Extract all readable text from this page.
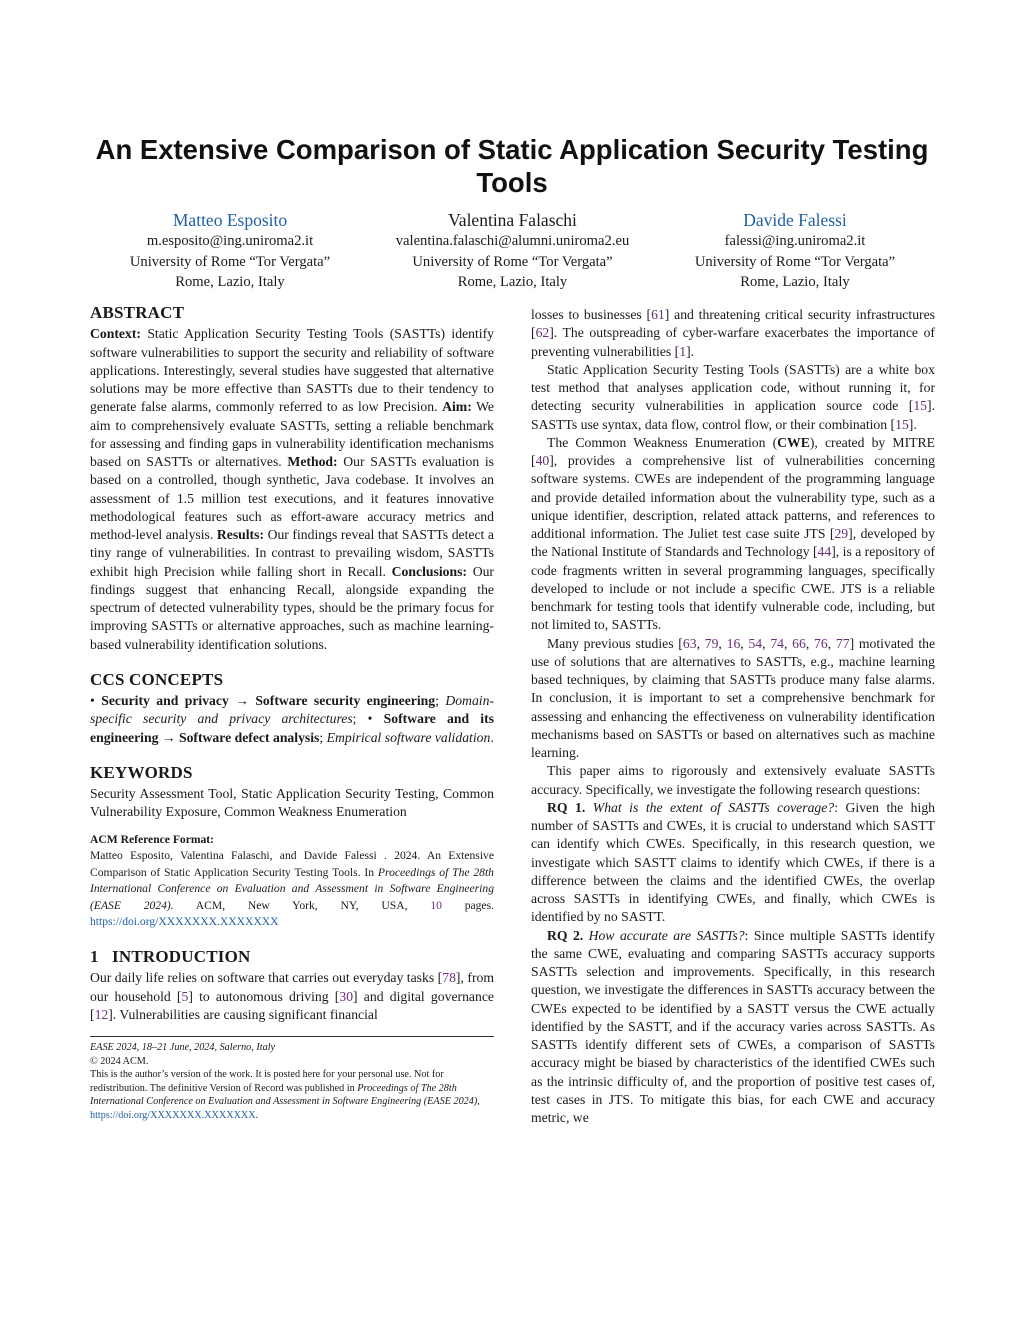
An Extensive Comparison of Static Application Security Testing Tools
Matteo Esposito
m.esposito@ing.uniroma2.it
University of Rome “Tor Vergata”
Rome, Lazio, Italy
Valentina Falaschi
valentina.falaschi@alumni.uniroma2.eu
University of Rome “Tor Vergata”
Rome, Lazio, Italy
Davide Falessi
falessi@ing.uniroma2.it
University of Rome “Tor Vergata”
Rome, Lazio, Italy
ABSTRACT

Context: Static Application Security Testing Tools (SASTTs) identify software vulnerabilities to support the security and reliability of software applications. Interestingly, several studies have suggested that alternative solutions may be more effective than SASTTs due to their tendency to generate false alarms, commonly referred to as low Precision. Aim: We aim to comprehensively evaluate SASTTs, setting a reliable benchmark for assessing and finding gaps in vulnerability identification mechanisms based on SASTTs or alternatives. Method: Our SASTTs evaluation is based on a controlled, though synthetic, Java codebase. It involves an assessment of 1.5 million test executions, and it features innovative methodological features such as effort-aware accuracy metrics and method-level analysis. Results: Our findings reveal that SASTTs detect a tiny range of vulnerabilities. In contrast to prevailing wisdom, SASTTs exhibit high Precision while falling short in Recall. Conclusions: Our findings suggest that enhancing Recall, alongside expanding the spectrum of detected vulnerability types, should be the primary focus for improving SASTTs or alternative approaches, such as machine learning-based vulnerability identification solutions.

CCS CONCEPTS

• Security and privacy → Software security engineering; Domain-specific security and privacy architectures; • Software and its engineering → Software defect analysis; Empirical software validation.

KEYWORDS

Security Assessment Tool, Static Application Security Testing, Common Vulnerability Exposure, Common Weakness Enumeration

ACM Reference Format:

Matteo Esposito, Valentina Falaschi, and Davide Falessi . 2024. An Extensive Comparison of Static Application Security Testing Tools. In Proceedings of The 28th International Conference on Evaluation and Assessment in Software Engineering (EASE 2024). ACM, New York, NY, USA, 10 pages. https://doi.org/XXXXXXX.XXXXXXX

1   INTRODUCTION

Our daily life relies on software that carries out everyday tasks [78], from our household [5] to autonomous driving [30] and digital governance [12]. Vulnerabilities are causing significant financial

EASE 2024, 18–21 June, 2024, Salerno, Italy
© 2024 ACM.
This is the author’s version of the work. It is posted here for your personal use. Not for redistribution. The definitive Version of Record was published in Proceedings of The 28th International Conference on Evaluation and Assessment in Software Engineering (EASE 2024), https://doi.org/XXXXXXX.XXXXXXX.

losses to businesses [61] and threatening critical security infrastructures [62]. The outspreading of cyber-warfare exacerbates the importance of preventing vulnerabilities [1].

Static Application Security Testing Tools (SASTTs) are a white box test method that analyses application code, without running it, for detecting security vulnerabilities in application source code [15]. SASTTs use syntax, data flow, control flow, or their combination [15].

The Common Weakness Enumeration (CWE), created by MITRE [40], provides a comprehensive list of vulnerabilities concerning software systems. CWEs are independent of the programming language and provide detailed information about the vulnerability type, such as a unique identifier, description, related attack patterns, and references to additional information. The Juliet test case suite JTS [29], developed by the National Institute of Standards and Technology [44], is a repository of code fragments written in several programming languages, specifically developed to include or not include a specific CWE. JTS is a reliable benchmark for testing tools that identify vulnerable code, including, but not limited to, SASTTs.

Many previous studies [63, 79, 16, 54, 74, 66, 76, 77] motivated the use of solutions that are alternatives to SASTTs, e.g., machine learning based techniques, by claiming that SASTTs produce many false alarms. In conclusion, it is important to set a comprehensive benchmark for assessing and enhancing the effectiveness on vulnerability identification mechanisms based on SASTTs or based on alternatives such as machine learning.

This paper aims to rigorously and extensively evaluate SASTTs accuracy. Specifically, we investigate the following research questions:

RQ 1. What is the extent of SASTTs coverage?: Given the high number of SASTTs and CWEs, it is crucial to understand which SASTT can identify which CWEs. Specifically, in this research question, we investigate which SASTT claims to identify which CWEs, if there is a difference between the claims and the identified CWEs, the overlap across SASTTs in identifying CWEs, and finally, which CWEs is identified by no SASTT.

RQ 2. How accurate are SASTTs?: Since multiple SASTTs identify the same CWE, evaluating and comparing SASTTs accuracy supports SASTTs selection and improvements. Specifically, in this research question, we investigate the differences in SASTTs accuracy between the CWEs expected to be identified by a SASTT versus the CWE actually identified by the SASTT, and if the accuracy varies across SASTTs. As SASTTs identify different sets of CWEs, a comparison of SASTTs accuracy might be biased by characteristics of the identified CWEs such as the intrinsic difficulty of, and the proportion of positive test cases of, test cases in JTS. To mitigate this bias, for each CWE and accuracy metric, we
